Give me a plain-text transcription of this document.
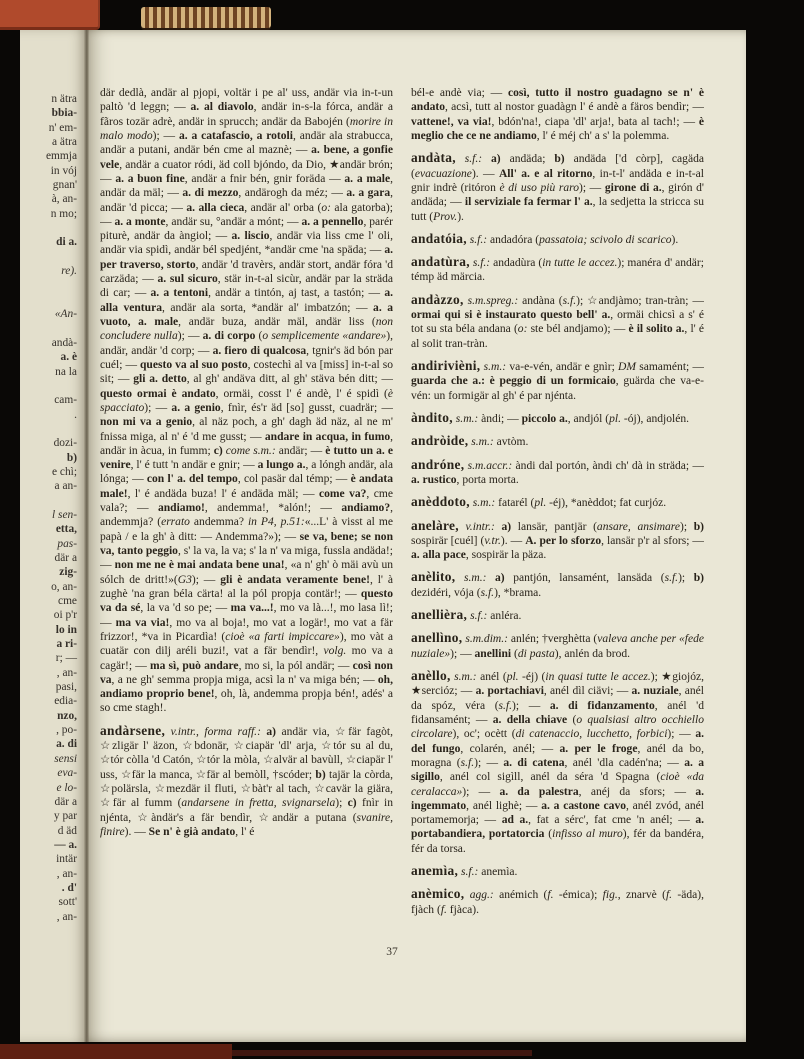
n ätra
bbia-
n' em-
a ätra
emmja
in vój
gnan'
à, an-
n mo;

di a.

re).

«An-

andà-
a. è
na la

cam-
.

dozi-
b)
e chì;
a an-

l sen-
etta,
pas-
där a
zig-
o, an-
cme
oi p'r
lo in
a ri-
r; —
, an-
pasi,
edia-
nzo,
, po-
a. di
sensi
eva-
e lo-
där a
y par
d äd
— a.
intär
, an-
. d'
sott'
, an-

där dedlà, andär al pjopi, voltär i pe al' uss, andär via in-t-un paltò 'd leggn; — a. al diavolo, andär in-s-la fórca, andär a fãros tozär adrè, andär in sprucch; andär da Babojén (morire in malo modo); — a. a catafascio, a rotoli, andär ala strabucca, andär a putani, andär bén cme al maznè; — a. bene, a gonfie vele, andär a cuator ródi, äd coll bjóndo, da Dio, ★andär brón; — a. a buon fine, andär a fnir bén, gnir foräda — a. a male, andär da mäl; — a. di mezzo, andärogh da méz; — a. a gara, andär 'd picca; — a. alla cieca, andär al' orba (o: ala gatorba); — a. a monte, andär su, °andär a mónt; — a. a pennello, parér piturè, andär da àngiol; — a. liscio, andär via liss cme l' oli, andär via spidì, andär bél spedjént, *andär cme 'na späda; — a. per traverso, storto, andär 'd travèrs, andär stort, andär fóra 'd carzäda; — a. sul sicuro, stär in-t-al sicùr, andär par la sträda di car; — a. a tentoni, andär a tintón, aj tast, a tastón; — a. alla ventura, andär ala sorta, *andär al' imbatzón; — a. a vuoto, a. male, andär buza, andär mäl, andär liss (non concludere nulla); — a. di corpo (o semplicemente «andare»), andär, andär 'd corp; — a. fiero di qualcosa, tgnir's äd bón par cuél; — questo va al suo posto, costechì al va [miss] in-t-al so sit; — gli a. detto, al gh' andäva ditt, al gh' stäva bén ditt; — questo ormai è andato, ormäi, cosst l' é andè, l' é spidì (è spacciato); — a. a genio, fnìr, és'r äd [so] gusst, cuadrär; — non mi va a genio, al näz poch, a gh' dagh äd näz, al ne m' fnissa miga, al n' é 'd me gusst; — andare in acqua, in fumo, andär in àcua, in fumm; c) come s.m.: andär; — è tutto un a. e venire, l' é tutt 'n andär e gnir; — a lungo a., a lóngh andär, ala lónga; — con l' a. del tempo, col pasär dal témp; — è andata male!, l' é andäda buza! l' é andäda mäl; — come va?, cme vala?; — andiamo!, andemma!, *alón!; — andiamo?, andemmja? (errato andemma? in P4, p.51:«...L' à visst al me papà / e la gh' à ditt: — Andemma?»); — se va, bene; se non va, tanto peggio, s' la va, la va; s' la n' va miga, fussla andäda!; — non me ne è mai andata bene una!, «a n' gh' ò mäi avù un sólch de dritt!»(G3); — gli è andata veramente bene!, l' à zughè 'na gran béla cärta! al la pól propja contär!; — questo va da sé, la va 'd so pe; — ma va...!, mo va là...!, mo lasa lì!; — ma va via!, mo va al boja!, mo vat a logär!, mo vat a fär frizzor!, *va in Picardìa! (cioè «a farti impiccare»), mo vàt a cuatär con dilj aréli buzi!, vat a fär bendìr!, volg. mo va a cagär!; — ma sì, può andare, mo si, la pól andär; — così non va, a ne gh' semma propja miga, acsì la n' va miga bén; — oh, andiamo proprio bene!, oh, là, andemma propja bén!, adés' a so cme stagh!.

andàrsene, v.intr., forma raff.: a) andär via, ☆fär fagòt, ☆zligär l' äzon, ☆bdonär, ☆ciapär 'dl' arja, ☆tór su al du, ☆tór còlla 'd Catón, ☆tór la mòla, ☆alvär al bavùll, ☆ciapär l' uss, ☆fär la manca, ☆fär al bemòll, †scóder; b) tajär la còrda, ☆polärsla, ☆mezdär il fluti, ☆bàt'r al tach, ☆cavär la giära, ☆fär al fumm (andarsene in fretta, svignarsela); c) fnìr in njénta, ☆àndär's a fär bendìr, ☆andär a putana (svanire, finire). — Se n' è già andato, l' é

bél-e andè via; — così, tutto il nostro guadagno se n' è andato, acsì, tutt al nostor guadàgn l' é andè a färos bendìr; — vattene!, va via!, bdón'na!, ciapa 'dl' arja!, bata al tach!; — è meglio che ce ne andiamo, l' é méj ch' a s' la polemma.

andàta, s.f.: a) andäda; b) andäda ['d còrp], cagäda (evacuazione). — All' a. e al ritorno, in-t-l' andäda e in-t-al gnir indrè (ritóron è di uso più raro); — girone di a., girón d' andäda; — il serviziale fa fermar l' a., la sedjetta la stricca su tutt (Prov.).

andatóia, s.f.: andadóra (passatoia; scivolo di scarico).

andatùra, s.f.: andadùra (in tutte le accez.); manéra d' andär; témp äd märcia.

andàzzo, s.m.spreg.: andàna (s.f.); ☆andjàmo; tran-tràn; — ormai qui si è instaurato questo bell' a., ormäi chicsì a s' é tot su sta béla andana (o: ste bél andjamo); — è il solito a., l' é al solit tran-tràn.

andirivièni, s.m.: va-e-vén, andär e gnìr; DM samamént; — guarda che a.: è peggio di un formicaio, guärda che va-e-vén: un formigär al gh' é par njénta.

àndito, s.m.: àndi; — piccolo a., andjól (pl. -ój), andjolén.

andròide, s.m.: avtòm.

andróne, s.m.accr.: àndi dal portón, àndi ch' dà in sträda; — a. rustico, porta morta.

anèddoto, s.m.: fatarél (pl. -éj), *anèddot; fat curjóz.

anelàre, v.intr.: a) lansär, pantjär (ansare, ansimare); b) sospirär [cuél] (v.tr.). — A. per lo sforzo, lansär p'r al sfors; — a. alla pace, sospirär la päza.

anèlito, s.m.: a) pantjón, lansamént, lansäda (s.f.); b) dezidéri, vója (s.f.), *brama.

anellièra, s.f.: anléra.

anellìno, s.m.dim.: anlén; †verghètta (valeva anche per «fede nuziale»); — anellini (di pasta), anlén da brod.

anèllo, s.m.: anél (pl. -éj) (in quasi tutte le accez.); ★giojóz, ★sercióz; — a. portachiavi, anél dìl ciävi; — a. nuziale, anél da spóz, véra (s.f.); — a. di fidanzamento, anél 'd fidansamént; — a. della chiave (o qualsiasi altro occhiello circolare), oc'; ocètt (di catenaccio, lucchetto, forbici); — a. del fungo, colarén, anél; — a. per le froge, anél da bo, moragna (s.f.); — a. di catena, anél 'dla cadén'na; — a. a sigillo, anél col sigìll, anél da séra 'd Spagna (cioè «da ceralacca»); — a. da palestra, anéj da sfors; — a. ingemmato, anél lighè; — a. a castone cavo, anél zvód, anél portamemorja; — ad a., fat a sérc', fat cme 'n anél; — a. portabandiera, portatorcia (infisso al muro), fér da bandéra, fér da torsa.

anemìa, s.f.: anemìa.

anèmico, agg.: anémich (f. -émica); fig., znarvè (f. -äda), fjàch (f. fjàca).

37
